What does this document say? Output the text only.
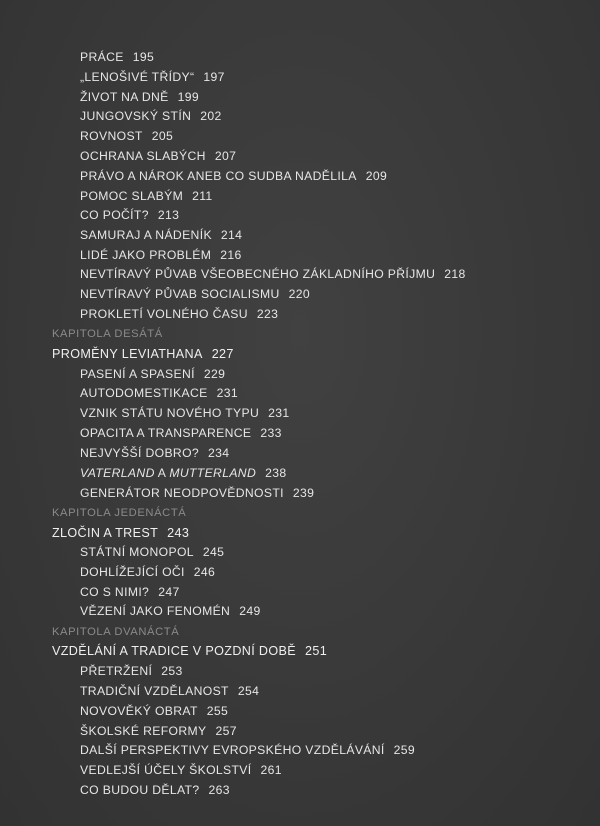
PRÁCE 195
„LENOŠIVÉ TŘÍDY“ 197
ŽIVOT NA DNĚ 199
JUNGOVSKÝ STÍN 202
ROVNOST 205
OCHRANA SLABÝCH 207
PRÁVO A NÁROK ANEB CO SUDBA NADĚLILA 209
POMOC SLABÝM 211
CO POČÍT? 213
SAMURAJ A NÁDENÍK 214
LIDÉ JAKO PROBLÉM 216
NEVTÍRAVÝ PŮVAB VŠEOBECNÉHO ZÁKLADNÍHO PŘÍJMU 218
NEVTÍRAVÝ PŮVAB SOCIALISMU 220
PROKLETÍ VOLNÉHO ČASU 223
KAPITOLA DESÁTÁ
PROMĚNY LEVIATHANA 227
PASENÍ A SPASENÍ 229
AUTODOMESTIKACE 231
VZNIK STÁTU NOVÉHO TYPU 231
OPACITA A TRANSPARENCE 233
NEJVYŠŠÍ DOBRO? 234
VATERLAND A MUTTERLAND 238
GENERÁTOR NEODPOVĚDNOSTI 239
KAPITOLA JEDENÁCTÁ
ZLOČIN A TREST 243
STÁTNÍ MONOPOL 245
DOHLÍŽEJÍCÍ OČI 246
CO S NIMI? 247
VĚZENÍ JAKO FENOMÉN 249
KAPITOLA DVANÁCTÁ
VZDĚLÁNÍ A TRADICE V POZDNÍ DOBĚ 251
PŘETRŽENÍ 253
TRADIČNÍ VZDĚLANOST 254
NOVOVĚKÝ OBRAT 255
ŠKOLSKÉ REFORMY 257
DALŠÍ PERSPEKTIVY EVROPSKÉHO VZDĚLÁVÁNÍ 259
VEDLEJŠÍ ÚČELY ŠKOLSTVÍ 261
CO BUDOU DĚLAT? 263
